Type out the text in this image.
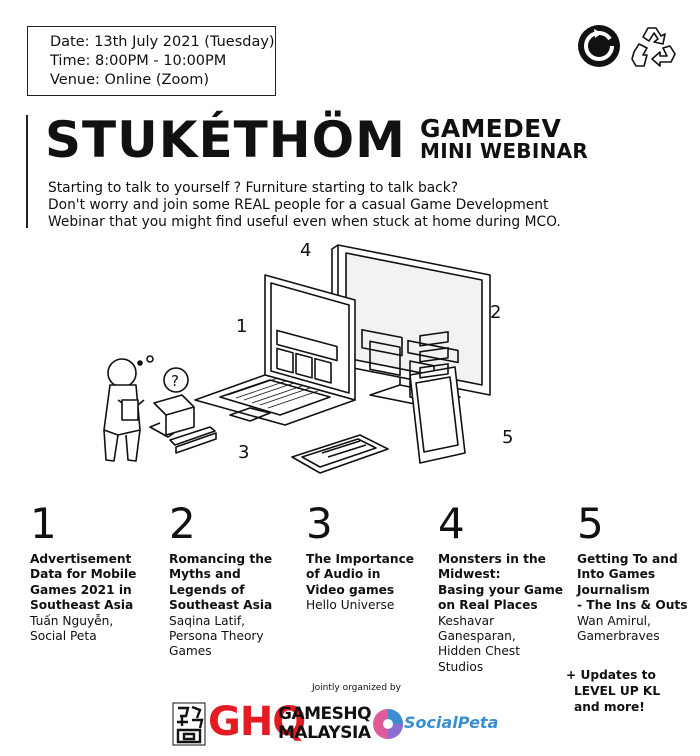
Date: 13th July 2021 (Tuesday)
Time: 8:00PM - 10:00PM
Venue: Online (Zoom)
STUKÉTHÖM GAMEDEV
MINI WEBINAR
Starting to talk to yourself ? Furniture starting to talk back?
Don't worry and join some REAL people for a casual Game Development
Webinar that you might find useful even when stuck at home during MCO.
?
4
2
1
3
5
1
Advertisement
Data for Mobile
Games 2021 in
Southeast Asia
Tuấn Nguyễn,
Social Peta
2
Romancing the
Myths and
Legends of
Southeast Asia
Saqina Latif,
Persona Theory
Games
3
The Importance
of Audio in
Video games
Hello Universe
4
Monsters in the
Midwest:
Basing your Game
on Real Places
Keshavar
Ganesparan,
Hidden Chest
Studios
5
Getting To and
Into Games
Journalism
- The Ins & Outs
Wan Amirul,
Gamerbraves
+ Updates to
LEVEL UP KL
and more!
Jointly organized by
GHQ
GAMESHQ
MALAYSIA
SocialPeta
